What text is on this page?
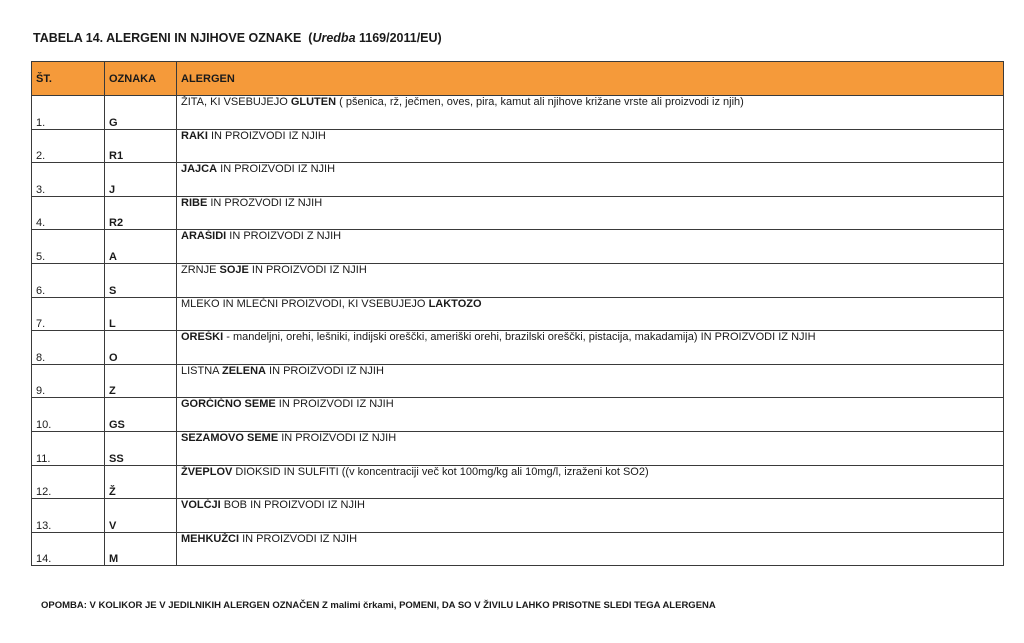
TABELA 14. ALERGENI IN NJIHOVE OZNAKE (Uredba 1169/2011/EU)
ŠT.	OZNAKA	ALERGEN
1.	G	ŽITA, KI VSEBUJEJO GLUTEN ( pšenica, rž, ječmen, oves, pira, kamut ali njihove križane vrste ali proizvodi iz njih)
2.	R1	RAKI IN PROIZVODI IZ NJIH
3.	J	JAJCA IN PROIZVODI IZ NJIH
4.	R2	RIBE IN PROZVODI IZ NJIH
5.	A	ARAŠIDI IN PROIZVODI Z NJIH
6.	S	ZRNJE SOJE IN PROIZVODI IZ NJIH
7.	L	MLEKO IN MLEČNI PROIZVODI, KI VSEBUJEJO LAKTOZO
8.	O	OREŠKI - mandeljni, orehi, lešniki, indijski oreščki, ameriški orehi, brazilski oreščki, pistacija, makadamija) IN PROIZVODI IZ NJIH
9.	Z	LISTNA ZELENA IN PROIZVODI IZ NJIH
10.	GS	GORČIČNO SEME IN PROIZVODI IZ NJIH
11.	SS	SEZAMOVO SEME IN PROIZVODI IZ NJIH
12.	Ž	ŽVEPLOV DIOKSID IN SULFITI ((v koncentraciji več kot 100mg/kg ali 10mg/l, izraženi kot SO2)
13.	V	VOLČJI BOB IN PROIZVODI IZ NJIH
14.	M	MEHKUŽCI IN PROIZVODI IZ NJIH
OPOMBA: V KOLIKOR JE V JEDILNIKIH ALERGEN OZNAČEN Z malimi črkami, POMENI, DA SO V ŽIVILU LAHKO PRISOTNE SLEDI TEGA ALERGENA
